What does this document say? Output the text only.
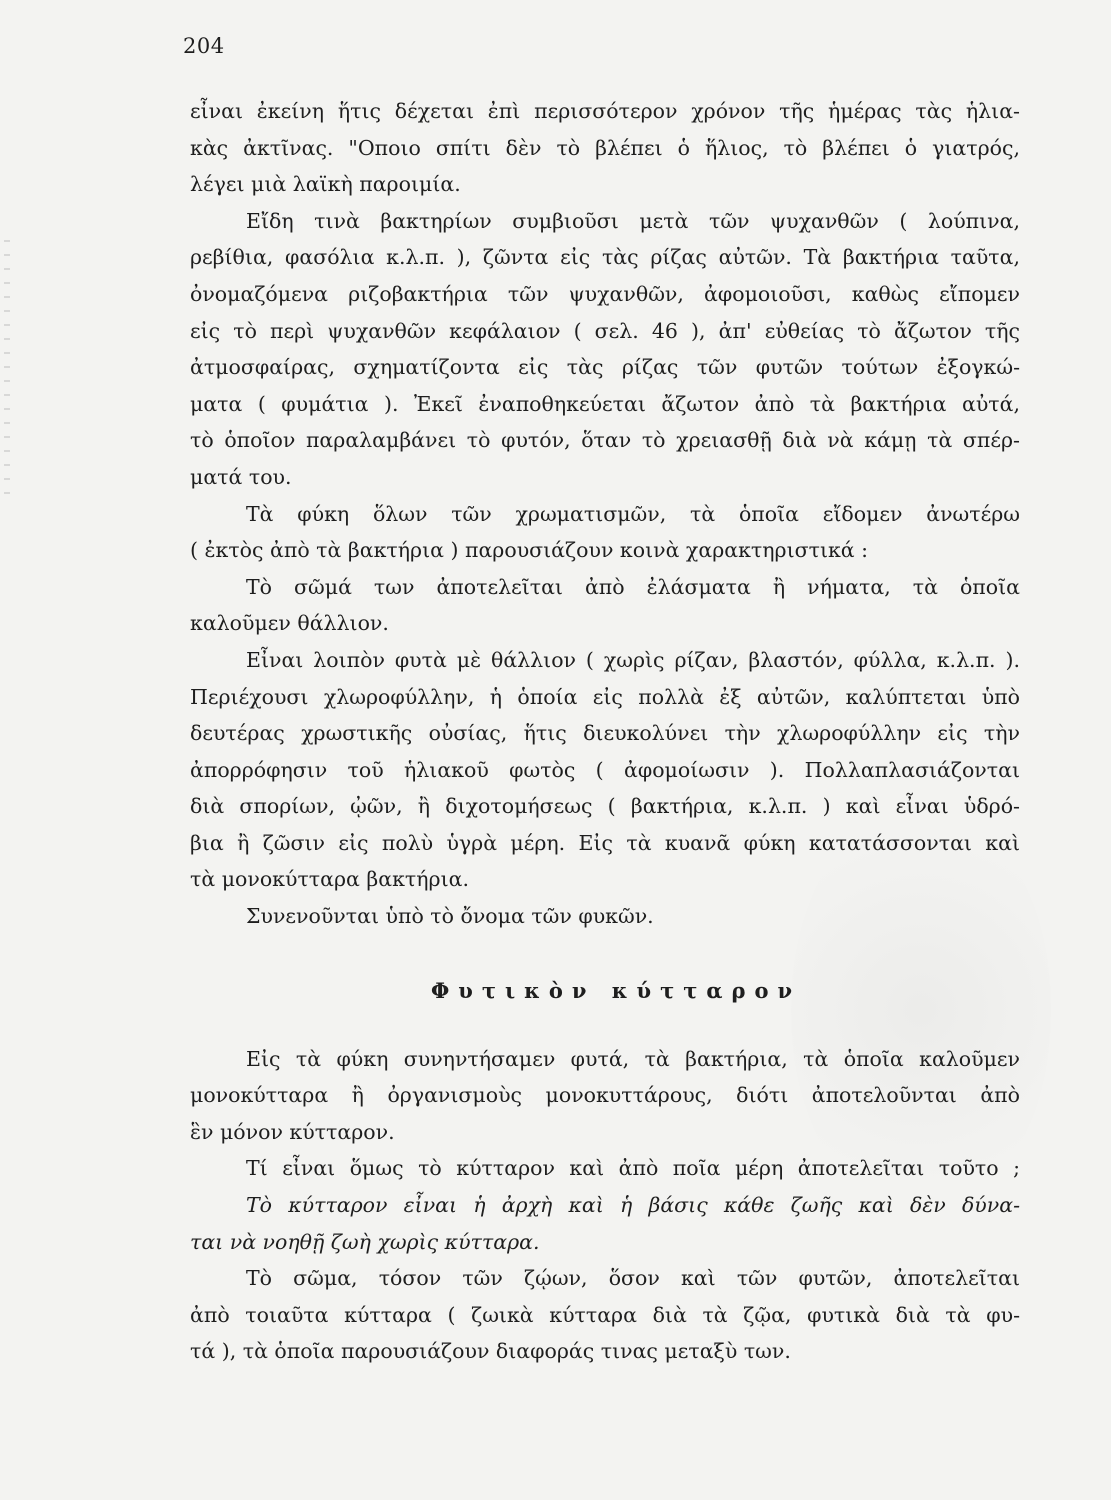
204
εἶναι ἐκείνη ἥτις δέχεται ἐπὶ περισσότερον χρόνον τῆς ἡμέρας τὰς ἡλια-
κὰς ἀκτῖνας. "Οποιο σπίτι δὲν τὸ βλέπει ὁ ἥλιος, τὸ βλέπει ὁ γιατρός,
λέγει μιὰ λαϊκὴ παροιμία.
Εἴδη τινὰ βακτηρίων συμβιοῦσι μετὰ τῶν ψυχανθῶν ( λούπινα,
ρεβίθια, φασόλια κ.λ.π. ), ζῶντα εἰς τὰς ρίζας αὐτῶν. Τὰ βακτήρια ταῦτα,
ὀνομαζόμενα ριζοβακτήρια τῶν ψυχανθῶν, ἀφομοιοῦσι, καθὼς εἴπομεν
εἰς τὸ περὶ ψυχανθῶν κεφάλαιον ( σελ. 46 ), ἀπ' εὐθείας τὸ ἄζωτον τῆς
ἀτμοσφαίρας, σχηματίζοντα εἰς τὰς ρίζας τῶν φυτῶν τούτων ἐξογκώ-
ματα ( φυμάτια ). Ἐκεῖ ἐναποθηκεύεται ἄζωτον ἀπὸ τὰ βακτήρια αὐτά,
τὸ ὁποῖον παραλαμβάνει τὸ φυτόν, ὅταν τὸ χρειασθῇ διὰ νὰ κάμῃ τὰ σπέρ-
ματά του.
Τὰ φύκη ὅλων τῶν χρωματισμῶν, τὰ ὁποῖα εἴδομεν ἀνωτέρω
( ἐκτὸς ἀπὸ τὰ βακτήρια ) παρουσιάζουν κοινὰ χαρακτηριστικά :
Τὸ σῶμά των ἀποτελεῖται ἀπὸ ἐλάσματα ἢ νήματα, τὰ ὁποῖα
καλοῦμεν θάλλιον.
Εἶναι λοιπὸν φυτὰ μὲ θάλλιον ( χωρὶς ρίζαν, βλαστόν, φύλλα, κ.λ.π. ).
Περιέχουσι χλωροφύλλην, ἡ ὁποία εἰς πολλὰ ἐξ αὐτῶν, καλύπτεται ὑπὸ
δευτέρας χρωστικῆς οὐσίας, ἥτις διευκολύνει τὴν χλωροφύλλην εἰς τὴν
ἀπορρόφησιν τοῦ ἡλιακοῦ φωτὸς ( ἀφομοίωσιν ). Πολλαπλασιάζονται
διὰ σπορίων, ᾠῶν, ἢ διχοτομήσεως ( βακτήρια, κ.λ.π. ) καὶ εἶναι ὑδρό-
βια ἢ ζῶσιν εἰς πολὺ ὑγρὰ μέρη. Εἰς τὰ κυανᾶ φύκη κατατάσσονται καὶ
τὰ μονοκύτταρα βακτήρια.
Συνενοῦνται ὑπὸ τὸ ὄνομα τῶν φυκῶν.
Φυτικὸν κύτταρον
Εἰς τὰ φύκη συνηντήσαμεν φυτά, τὰ βακτήρια, τὰ ὁποῖα καλοῦμεν
μονοκύτταρα ἢ ὀργανισμοὺς μονοκυττάρους, διότι ἀποτελοῦνται ἀπὸ
ἓν μόνον κύτταρον.
Τί εἶναι ὅμως τὸ κύτταρον καὶ ἀπὸ ποῖα μέρη ἀποτελεῖται τοῦτο ;
Τὸ κύτταρον εἶναι ἡ ἀρχὴ καὶ ἡ βάσις κάθε ζωῆς καὶ δὲν δύνα-
ται νὰ νοηθῇ ζωὴ χωρὶς κύτταρα.
Τὸ σῶμα, τόσον τῶν ζῴων, ὅσον καὶ τῶν φυτῶν, ἀποτελεῖται
ἀπὸ τοιαῦτα κύτταρα ( ζωικὰ κύτταρα διὰ τὰ ζῷα, φυτικὰ διὰ τὰ φυ-
τά ), τὰ ὁποῖα παρουσιάζουν διαφοράς τινας μεταξὺ των.
